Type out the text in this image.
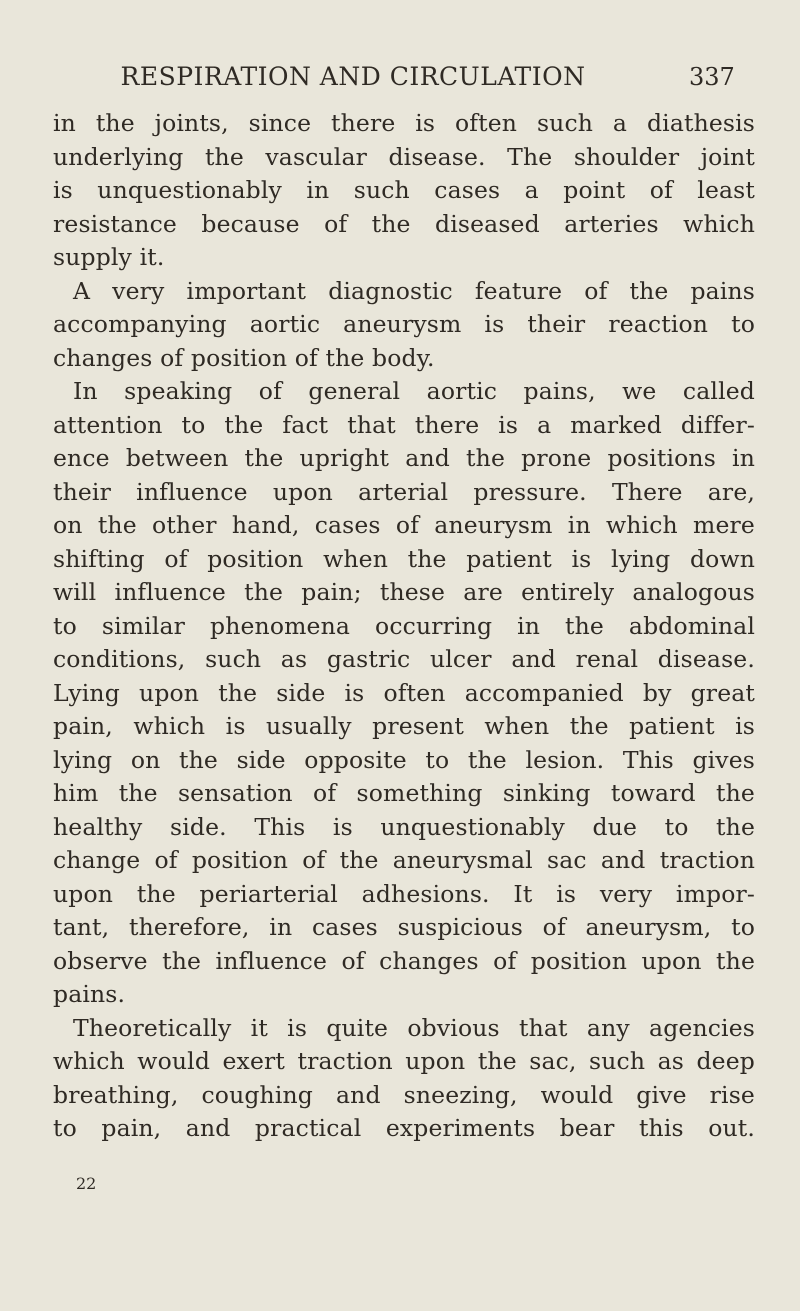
RESPIRATION AND CIRCULATION	337
in the joints, since there is often such a diathesis
underlying the vascular disease. The shoulder joint
is unquestionably in such cases a point of least
resistance because of the diseased arteries which
supply it.
A very important diagnostic feature of the pains
accompanying aortic aneurysm is their reaction to
changes of position of the body.
In speaking of general aortic pains, we called
attention to the fact that there is a marked differ-
ence between the upright and the prone positions in
their influence upon arterial pressure. There are,
on the other hand, cases of aneurysm in which mere
shifting of position when the patient is lying down
will influence the pain; these are entirely analogous
to similar phenomena occurring in the abdominal
conditions, such as gastric ulcer and renal disease.
Lying upon the side is often accompanied by great
pain, which is usually present when the patient is
lying on the side opposite to the lesion. This gives
him the sensation of something sinking toward the
healthy side. This is unquestionably due to the
change of position of the aneurysmal sac and traction
upon the periarterial adhesions. It is very impor-
tant, therefore, in cases suspicious of aneurysm, to
observe the influence of changes of position upon the
pains.
Theoretically it is quite obvious that any agencies
which would exert traction upon the sac, such as deep
breathing, coughing and sneezing, would give rise
to pain, and practical experiments bear this out.
22
